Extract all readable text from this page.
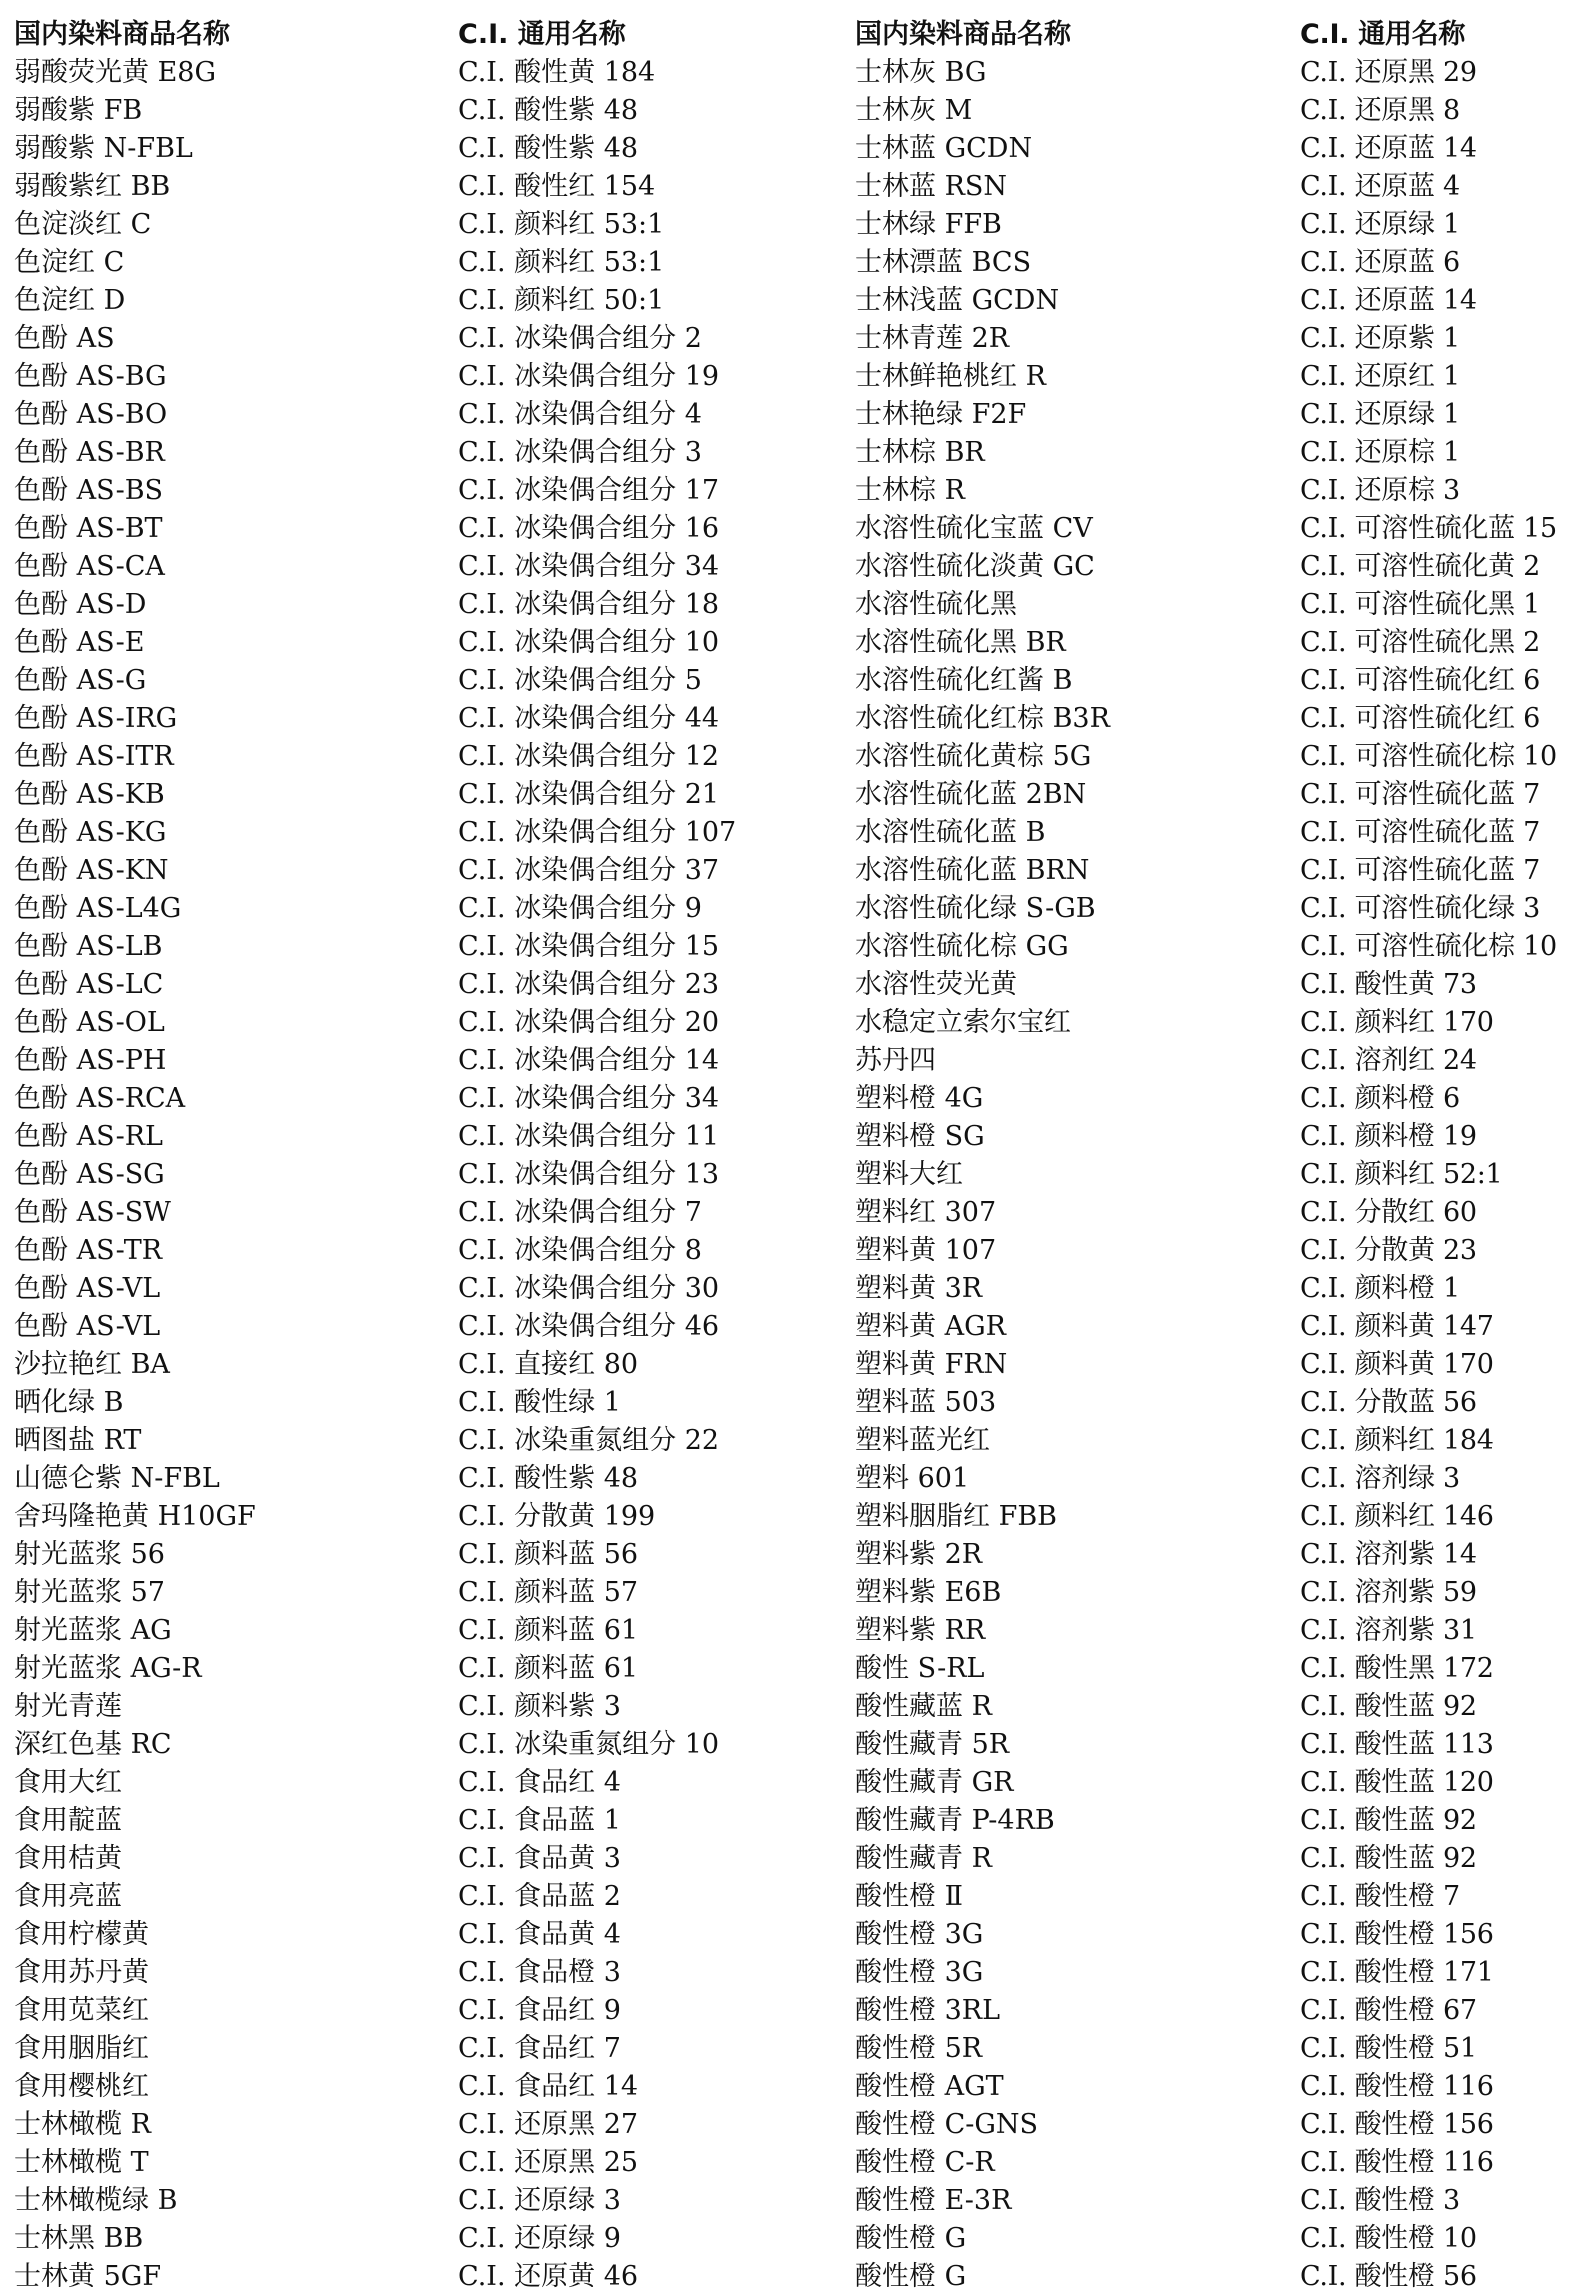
国内染料商品名称	C.I. 通用名称	国内染料商品名称	C.I. 通用名称
弱酸荧光黄 E8G	C.I. 酸性黄 184	士林灰 BG	C.I. 还原黑 29
弱酸紫 FB	C.I. 酸性紫 48	士林灰 M	C.I. 还原黑 8
弱酸紫 N-FBL	C.I. 酸性紫 48	士林蓝 GCDN	C.I. 还原蓝 14
弱酸紫红 BB	C.I. 酸性红 154	士林蓝 RSN	C.I. 还原蓝 4
色淀淡红 C	C.I. 颜料红 53:1	士林绿 FFB	C.I. 还原绿 1
色淀红 C	C.I. 颜料红 53:1	士林漂蓝 BCS	C.I. 还原蓝 6
色淀红 D	C.I. 颜料红 50:1	士林浅蓝 GCDN	C.I. 还原蓝 14
色酚 AS	C.I. 冰染偶合组分 2	士林青莲 2R	C.I. 还原紫 1
色酚 AS-BG	C.I. 冰染偶合组分 19	士林鲜艳桃红 R	C.I. 还原红 1
色酚 AS-BO	C.I. 冰染偶合组分 4	士林艳绿 F2F	C.I. 还原绿 1
色酚 AS-BR	C.I. 冰染偶合组分 3	士林棕 BR	C.I. 还原棕 1
色酚 AS-BS	C.I. 冰染偶合组分 17	士林棕 R	C.I. 还原棕 3
色酚 AS-BT	C.I. 冰染偶合组分 16	水溶性硫化宝蓝 CV	C.I. 可溶性硫化蓝 15
色酚 AS-CA	C.I. 冰染偶合组分 34	水溶性硫化淡黄 GC	C.I. 可溶性硫化黄 2
色酚 AS-D	C.I. 冰染偶合组分 18	水溶性硫化黑	C.I. 可溶性硫化黑 1
色酚 AS-E	C.I. 冰染偶合组分 10	水溶性硫化黑 BR	C.I. 可溶性硫化黑 2
色酚 AS-G	C.I. 冰染偶合组分 5	水溶性硫化红酱 B	C.I. 可溶性硫化红 6
色酚 AS-IRG	C.I. 冰染偶合组分 44	水溶性硫化红棕 B3R	C.I. 可溶性硫化红 6
色酚 AS-ITR	C.I. 冰染偶合组分 12	水溶性硫化黄棕 5G	C.I. 可溶性硫化棕 10
色酚 AS-KB	C.I. 冰染偶合组分 21	水溶性硫化蓝 2BN	C.I. 可溶性硫化蓝 7
色酚 AS-KG	C.I. 冰染偶合组分 107	水溶性硫化蓝 B	C.I. 可溶性硫化蓝 7
色酚 AS-KN	C.I. 冰染偶合组分 37	水溶性硫化蓝 BRN	C.I. 可溶性硫化蓝 7
色酚 AS-L4G	C.I. 冰染偶合组分 9	水溶性硫化绿 S-GB	C.I. 可溶性硫化绿 3
色酚 AS-LB	C.I. 冰染偶合组分 15	水溶性硫化棕 GG	C.I. 可溶性硫化棕 10
色酚 AS-LC	C.I. 冰染偶合组分 23	水溶性荧光黄	C.I. 酸性黄 73
色酚 AS-OL	C.I. 冰染偶合组分 20	水稳定立索尔宝红	C.I. 颜料红 170
色酚 AS-PH	C.I. 冰染偶合组分 14	苏丹四	C.I. 溶剂红 24
色酚 AS-RCA	C.I. 冰染偶合组分 34	塑料橙 4G	C.I. 颜料橙 6
色酚 AS-RL	C.I. 冰染偶合组分 11	塑料橙 SG	C.I. 颜料橙 19
色酚 AS-SG	C.I. 冰染偶合组分 13	塑料大红	C.I. 颜料红 52:1
色酚 AS-SW	C.I. 冰染偶合组分 7	塑料红 307	C.I. 分散红 60
色酚 AS-TR	C.I. 冰染偶合组分 8	塑料黄 107	C.I. 分散黄 23
色酚 AS-VL	C.I. 冰染偶合组分 30	塑料黄 3R	C.I. 颜料橙 1
色酚 AS-VL	C.I. 冰染偶合组分 46	塑料黄 AGR	C.I. 颜料黄 147
沙拉艳红 BA	C.I. 直接红 80	塑料黄 FRN	C.I. 颜料黄 170
晒化绿 B	C.I. 酸性绿 1	塑料蓝 503	C.I. 分散蓝 56
晒图盐 RT	C.I. 冰染重氮组分 22	塑料蓝光红	C.I. 颜料红 184
山德仑紫 N-FBL	C.I. 酸性紫 48	塑料 601	C.I. 溶剂绿 3
舍玛隆艳黄 H10GF	C.I. 分散黄 199	塑料胭脂红 FBB	C.I. 颜料红 146
射光蓝浆 56	C.I. 颜料蓝 56	塑料紫 2R	C.I. 溶剂紫 14
射光蓝浆 57	C.I. 颜料蓝 57	塑料紫 E6B	C.I. 溶剂紫 59
射光蓝浆 AG	C.I. 颜料蓝 61	塑料紫 RR	C.I. 溶剂紫 31
射光蓝浆 AG-R	C.I. 颜料蓝 61	酸性 S-RL	C.I. 酸性黑 172
射光青莲	C.I. 颜料紫 3	酸性藏蓝 R	C.I. 酸性蓝 92
深红色基 RC	C.I. 冰染重氮组分 10	酸性藏青 5R	C.I. 酸性蓝 113
食用大红	C.I. 食品红 4	酸性藏青 GR	C.I. 酸性蓝 120
食用靛蓝	C.I. 食品蓝 1	酸性藏青 P-4RB	C.I. 酸性蓝 92
食用桔黄	C.I. 食品黄 3	酸性藏青 R	C.I. 酸性蓝 92
食用亮蓝	C.I. 食品蓝 2	酸性橙 Ⅱ	C.I. 酸性橙 7
食用柠檬黄	C.I. 食品黄 4	酸性橙 3G	C.I. 酸性橙 156
食用苏丹黄	C.I. 食品橙 3	酸性橙 3G	C.I. 酸性橙 171
食用苋菜红	C.I. 食品红 9	酸性橙 3RL	C.I. 酸性橙 67
食用胭脂红	C.I. 食品红 7	酸性橙 5R	C.I. 酸性橙 51
食用樱桃红	C.I. 食品红 14	酸性橙 AGT	C.I. 酸性橙 116
士林橄榄 R	C.I. 还原黑 27	酸性橙 C-GNS	C.I. 酸性橙 156
士林橄榄 T	C.I. 还原黑 25	酸性橙 C-R	C.I. 酸性橙 116
士林橄榄绿 B	C.I. 还原绿 3	酸性橙 E-3R	C.I. 酸性橙 3
士林黑 BB	C.I. 还原绿 9	酸性橙 G	C.I. 酸性橙 10
士林黄 5GF	C.I. 还原黄 46	酸性橙 G	C.I. 酸性橙 56
